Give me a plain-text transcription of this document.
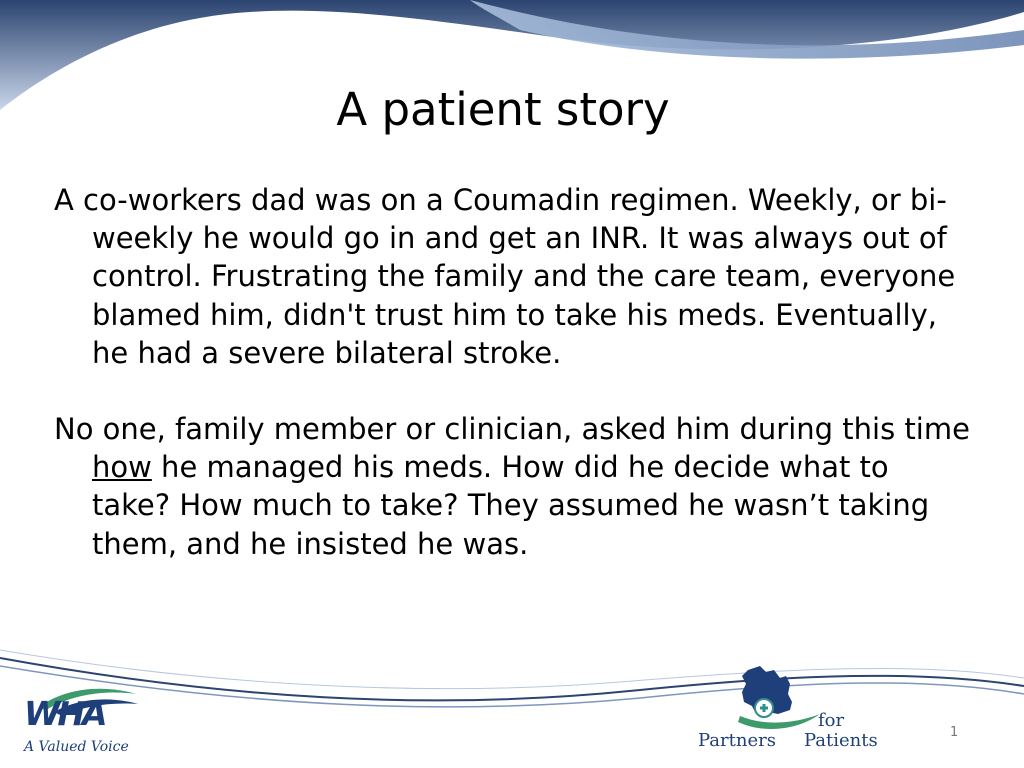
A patient story

A co-workers dad was on a Coumadin regimen. Weekly, or bi-weekly he would go in and get an INR. It was always out of control. Frustrating the family and the care team, everyone blamed him, didn't trust him to take his meds. Eventually, he had a severe bilateral stroke.

No one, family member or clinician, asked him during this time how he managed his meds. How did he decide what to take? How much to take? They assumed he wasn’t taking them, and he insisted he was.

WHA
A Valued Voice
for
Partners Patients	1
